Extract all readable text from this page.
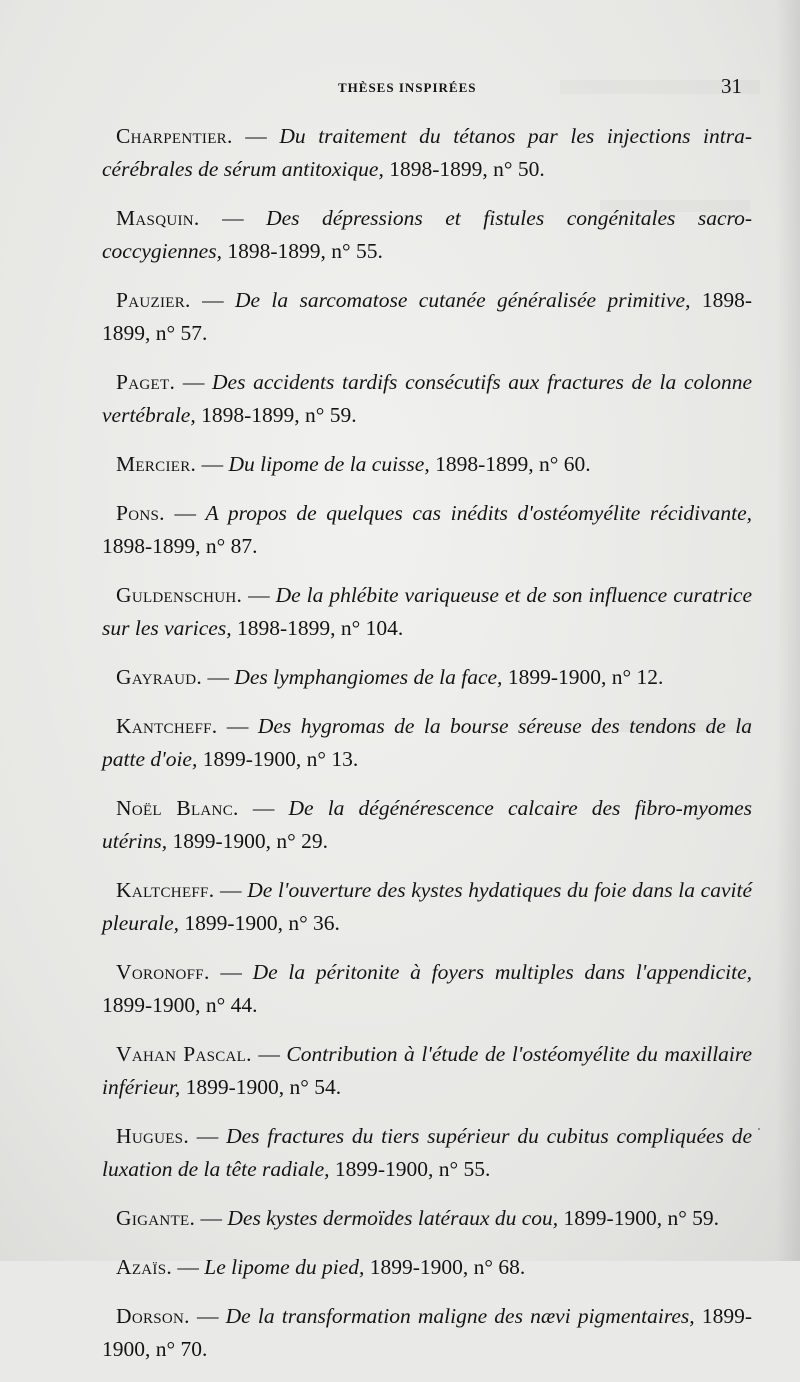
THÈSES INSPIRÉES	31

Charpentier. — Du traitement du tétanos par les injections intra-cérébrales de sérum antitoxique, 1898-1899, n° 50.

Masquin. — Des dépressions et fistules congénitales sacro-coccygiennes, 1898-1899, n° 55.

Pauzier. — De la sarcomatose cutanée généralisée primitive, 1898-1899, n° 57.

Paget. — Des accidents tardifs consécutifs aux fractures de la colonne vertébrale, 1898-1899, n° 59.

Mercier. — Du lipome de la cuisse, 1898-1899, n° 60.

Pons. — A propos de quelques cas inédits d'ostéomyélite récidivante, 1898-1899, n° 87.

Guldenschuh. — De la phlébite variqueuse et de son influence curatrice sur les varices, 1898-1899, n° 104.

Gayraud. — Des lymphangiomes de la face, 1899-1900, n° 12.

Kantcheff. — Des hygromas de la bourse séreuse des tendons de la patte d'oie, 1899-1900, n° 13.

Noël Blanc. — De la dégénérescence calcaire des fibro-myomes utérins, 1899-1900, n° 29.

Kaltcheff. — De l'ouverture des kystes hydatiques du foie dans la cavité pleurale, 1899-1900, n° 36.

Voronoff. — De la péritonite à foyers multiples dans l'appendicite, 1899-1900, n° 44.

Vahan Pascal. — Contribution à l'étude de l'ostéomyélite du maxillaire inférieur, 1899-1900, n° 54.

Hugues. — Des fractures du tiers supérieur du cubitus compliquées de luxation de la tête radiale, 1899-1900, n° 55.

Gigante. — Des kystes dermoïdes latéraux du cou, 1899-1900, n° 59.

Azaïs. — Le lipome du pied, 1899-1900, n° 68.

Dorson. — De la transformation maligne des nævi pigmentaires, 1899-1900, n° 70.
